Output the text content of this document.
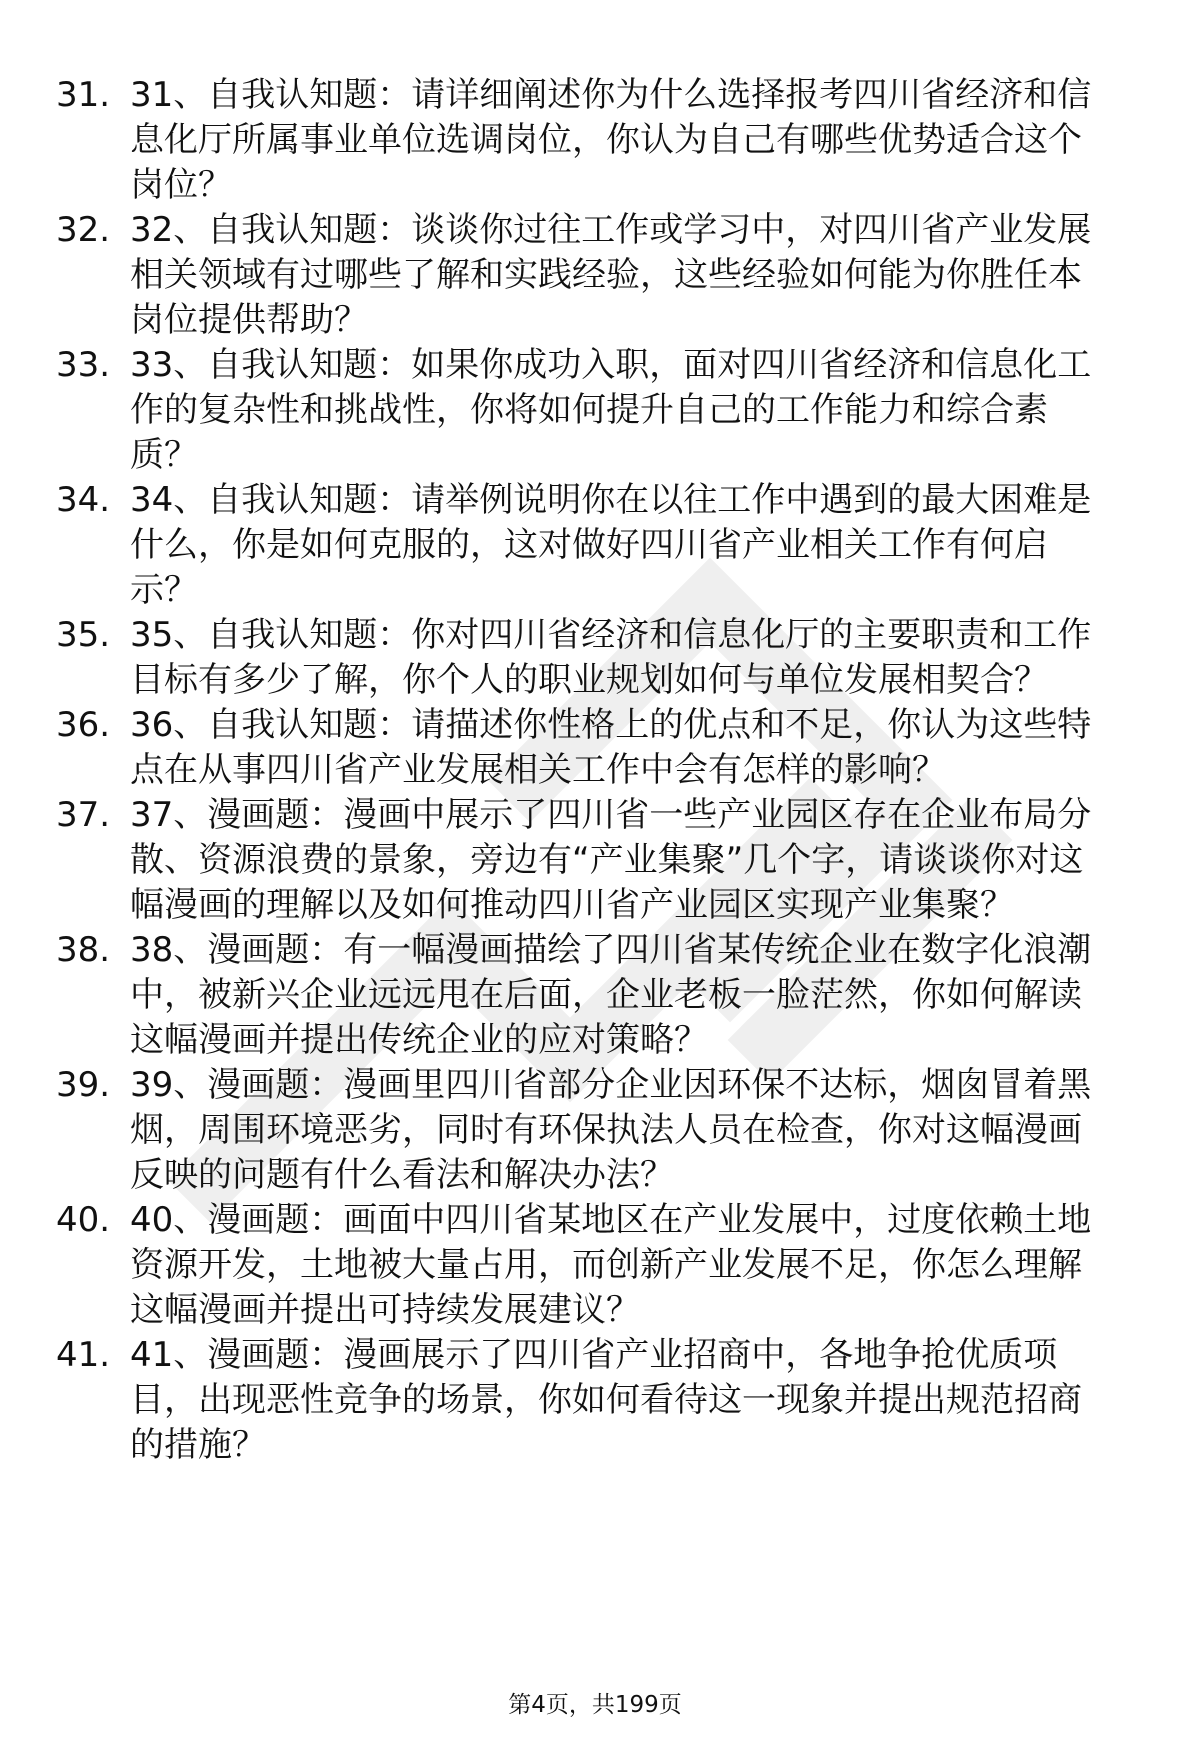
31. 31、自我认知题：请详细阐述你为什么选择报考四川省经济和信
息化厅所属事业单位选调岗位，你认为自己有哪些优势适合这个
岗位？
32. 32、自我认知题：谈谈你过往工作或学习中，对四川省产业发展
相关领域有过哪些了解和实践经验，这些经验如何能为你胜任本
岗位提供帮助？
33. 33、自我认知题：如果你成功入职，面对四川省经济和信息化工
作的复杂性和挑战性，你将如何提升自己的工作能力和综合素
质？
34. 34、自我认知题：请举例说明你在以往工作中遇到的最大困难是
什么，你是如何克服的，这对做好四川省产业相关工作有何启
示？
35. 35、自我认知题：你对四川省经济和信息化厅的主要职责和工作
目标有多少了解，你个人的职业规划如何与单位发展相契合？
36. 36、自我认知题：请描述你性格上的优点和不足，你认为这些特
点在从事四川省产业发展相关工作中会有怎样的影响？
37. 37、漫画题：漫画中展示了四川省一些产业园区存在企业布局分
散、资源浪费的景象，旁边有“产业集聚”几个字，请谈谈你对这
幅漫画的理解以及如何推动四川省产业园区实现产业集聚？
38. 38、漫画题：有一幅漫画描绘了四川省某传统企业在数字化浪潮
中，被新兴企业远远甩在后面，企业老板一脸茫然，你如何解读
这幅漫画并提出传统企业的应对策略？
39. 39、漫画题：漫画里四川省部分企业因环保不达标，烟囱冒着黑
烟，周围环境恶劣，同时有环保执法人员在检查，你对这幅漫画
反映的问题有什么看法和解决办法？
40. 40、漫画题：画面中四川省某地区在产业发展中，过度依赖土地
资源开发，土地被大量占用，而创新产业发展不足，你怎么理解
这幅漫画并提出可持续发展建议？
41. 41、漫画题：漫画展示了四川省产业招商中，各地争抢优质项
目，出现恶性竞争的场景，你如何看待这一现象并提出规范招商
的措施？
第4页，共199页
